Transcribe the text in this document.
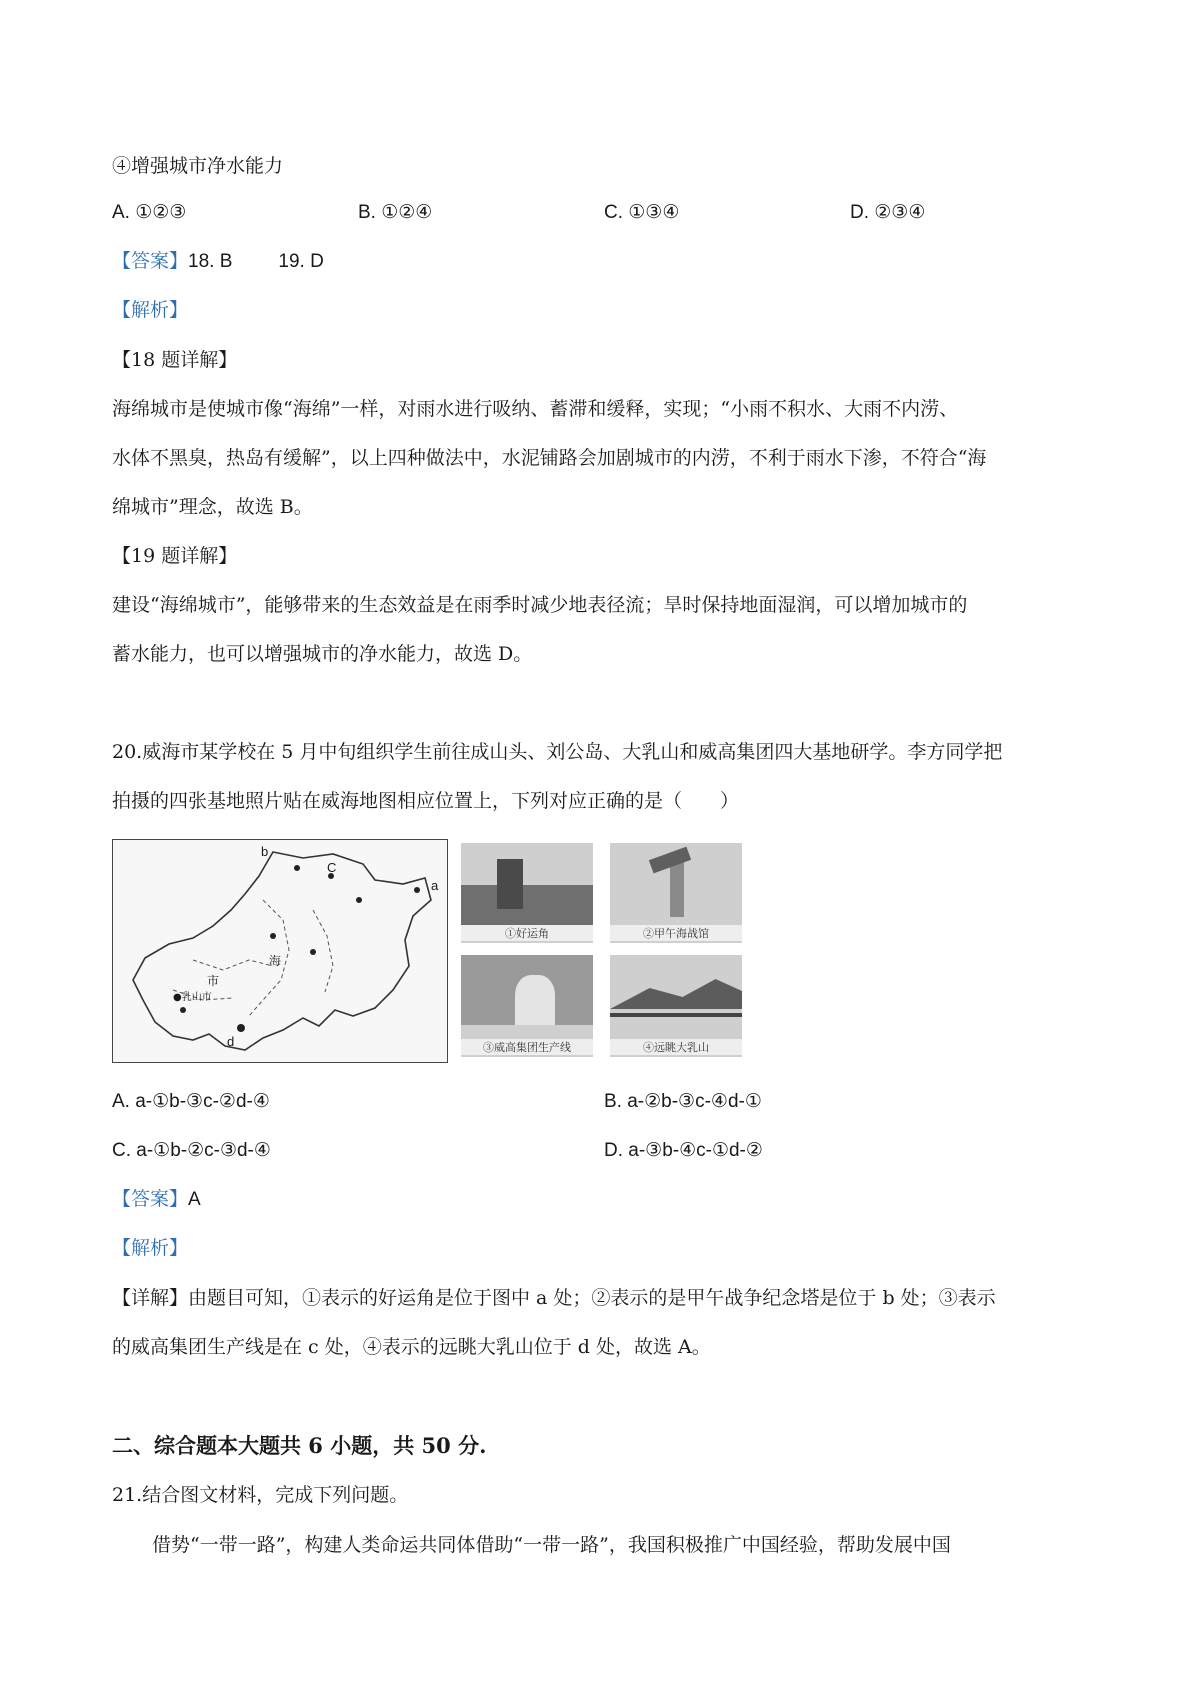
④增强城市净水能力
A. ①②③	B. ①②④	C. ①③④	D. ②③④
【答案】18. B 19. D
【解析】
【18 题详解】
海绵城市是使城市像“海绵”一样，对雨水进行吸纳、蓄滞和缓释，实现；“小雨不积水、大雨不内涝、
水体不黑臭，热岛有缓解”，以上四种做法中，水泥铺路会加剧城市的内涝，不利于雨水下渗，不符合“海
绵城市”理念，故选 B。
【19 题详解】
建设“海绵城市”，能够带来的生态效益是在雨季时减少地表径流；旱时保持地面湿润，可以增加城市的
蓄水能力，也可以增强城市的净水能力，故选 D。
20.威海市某学校在 5 月中旬组织学生前往成山头、刘公岛、大乳山和威高集团四大基地研学。李方同学把
拍摄的四张基地照片贴在威海地图相应位置上，下列对应正确的是（　　）
b
C
a
d
海
市
●乳山市
①好运角	②甲午海战馆
③威高集团生产线	④远眺大乳山
A. a-①b-③c-②d-④	B. a-②b-③c-④d-①
C. a-①b-②c-③d-④	D. a-③b-④c-①d-②
【答案】A
【解析】
【详解】由题目可知，①表示的好运角是位于图中 a 处；②表示的是甲午战争纪念塔是位于 b 处；③表示
的威高集团生产线是在 c 处，④表示的远眺大乳山位于 d 处，故选 A。
二、综合题本大题共 6 小题，共 50 分.
21.结合图文材料，完成下列问题。
借势“一带一路”，构建人类命运共同体借助“一带一路”，我国积极推广中国经验，帮助发展中国
